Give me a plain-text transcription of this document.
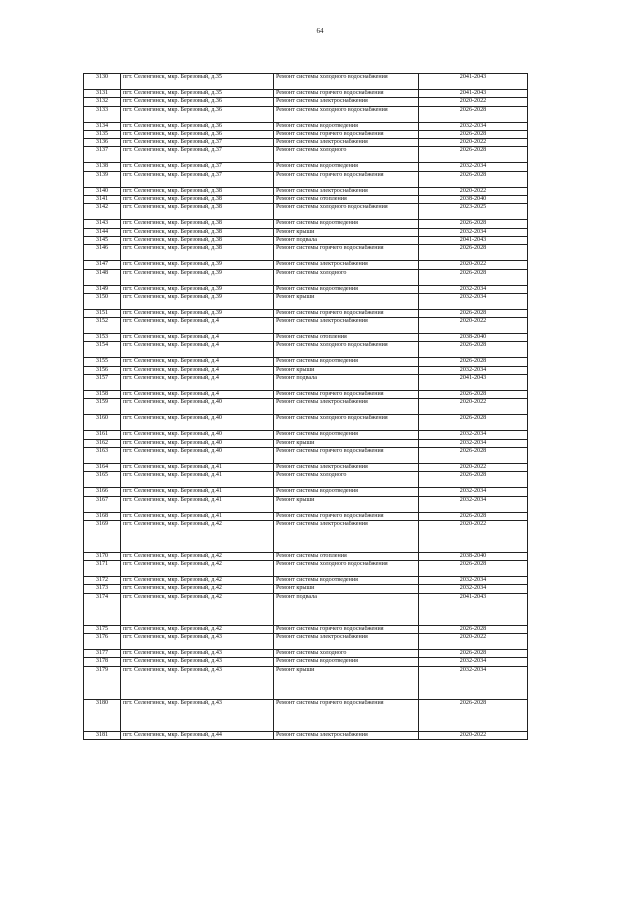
64
3130	пгт. Селенгинск, мкр. Березовый, д.35	Ремонт системы холодного водоснабжения	2041-2043
3131	пгт. Селенгинск, мкр. Березовый, д.35	Ремонт системы горячего водоснабжения	2041-2043
3132	пгт. Селенгинск, мкр. Березовый, д.36	Ремонт системы электроснабжения	2020-2022
3133	пгт. Селенгинск, мкр. Березовый, д.36	Ремонт системы холодного водоснабжения	2026-2028
3134	пгт. Селенгинск, мкр. Березовый, д.36	Ремонт системы водоотведения	2032-2034
3135	пгт. Селенгинск, мкр. Березовый, д.36	Ремонт системы горячего водоснабжения	2026-2028
3136	пгт. Селенгинск, мкр. Березовый, д.37	Ремонт системы электроснабжения	2020-2022
3137	пгт. Селенгинск, мкр. Березовый, д.37	Ремонт системы холодного	2026-2028
3138	пгт. Селенгинск, мкр. Березовый, д.37	Ремонт системы водоотведения	2032-2034
3139	пгт. Селенгинск, мкр. Березовый, д.37	Ремонт системы горячего водоснабжения	2026-2028
3140	пгт. Селенгинск, мкр. Березовый, д.38	Ремонт системы электроснабжения	2020-2022
3141	пгт. Селенгинск, мкр. Березовый, д.38	Ремонт системы отопления	2038-2040
3142	пгт. Селенгинск, мкр. Березовый, д.38	Ремонт системы холодного водоснабжения	2023-2025
3143	пгт. Селенгинск, мкр. Березовый, д.38	Ремонт системы водоотведения	2026-2028
3144	пгт. Селенгинск, мкр. Березовый, д.38	Ремонт крыши	2032-2034
3145	пгт. Селенгинск, мкр. Березовый, д.38	Ремонт подвала	2041-2043
3146	пгт. Селенгинск, мкр. Березовый, д.38	Ремонт системы горячего водоснабжения	2026-2028
3147	пгт. Селенгинск, мкр. Березовый, д.39	Ремонт системы электроснабжения	2020-2022
3148	пгт. Селенгинск, мкр. Березовый, д.39	Ремонт системы холодного	2026-2028
3149	пгт. Селенгинск, мкр. Березовый, д.39	Ремонт системы водоотведения	2032-2034
3150	пгт. Селенгинск, мкр. Березовый, д.39	Ремонт крыши	2032-2034
3151	пгт. Селенгинск, мкр. Березовый, д.39	Ремонт системы горячего водоснабжения	2026-2028
3152	пгт. Селенгинск, мкр. Березовый, д.4	Ремонт системы электроснабжения	2020-2022
3153	пгт. Селенгинск, мкр. Березовый, д.4	Ремонт системы отопления	2038-2040
3154	пгт. Селенгинск, мкр. Березовый, д.4	Ремонт системы холодного водоснабжения	2026-2028
3155	пгт. Селенгинск, мкр. Березовый, д.4	Ремонт системы водоотведения	2026-2028
3156	пгт. Селенгинск, мкр. Березовый, д.4	Ремонт крыши	2032-2034
3157	пгт. Селенгинск, мкр. Березовый, д.4	Ремонт подвала	2041-2043
3158	пгт. Селенгинск, мкр. Березовый, д.4	Ремонт системы горячего водоснабжения	2026-2028
3159	пгт. Селенгинск, мкр. Березовый, д.40	Ремонт системы электроснабжения	2020-2022
3160	пгт. Селенгинск, мкр. Березовый, д.40	Ремонт системы холодного водоснабжения	2026-2028
3161	пгт. Селенгинск, мкр. Березовый, д.40	Ремонт системы водоотведения	2032-2034
3162	пгт. Селенгинск, мкр. Березовый, д.40	Ремонт крыши	2032-2034
3163	пгт. Селенгинск, мкр. Березовый, д.40	Ремонт системы горячего водоснабжения	2026-2028
3164	пгт. Селенгинск, мкр. Березовый, д.41	Ремонт системы электроснабжения	2020-2022
3165	пгт. Селенгинск, мкр. Березовый, д.41	Ремонт системы холодного	2026-2028
3166	пгт. Селенгинск, мкр. Березовый, д.41	Ремонт системы водоотведения	2032-2034
3167	пгт. Селенгинск, мкр. Березовый, д.41	Ремонт крыши	2032-2034
3168	пгт. Селенгинск, мкр. Березовый, д.41	Ремонт системы горячего водоснабжения	2026-2028
3169	пгт. Селенгинск, мкр. Березовый, д.42	Ремонт системы электроснабжения	2020-2022
3170	пгт. Селенгинск, мкр. Березовый, д.42	Ремонт системы отопления	2038-2040
3171	пгт. Селенгинск, мкр. Березовый, д.42	Ремонт системы холодного водоснабжения	2026-2028
3172	пгт. Селенгинск, мкр. Березовый, д.42	Ремонт системы водоотведения	2032-2034
3173	пгт. Селенгинск, мкр. Березовый, д.42	Ремонт крыши	2032-2034
3174	пгт. Селенгинск, мкр. Березовый, д.42	Ремонт подвала	2041-2043
3175	пгт. Селенгинск, мкр. Березовый, д.42	Ремонт системы горячего водоснабжения	2026-2028
3176	пгт. Селенгинск, мкр. Березовый, д.43	Ремонт системы электроснабжения	2020-2022
3177	пгт. Селенгинск, мкр. Березовый, д.43	Ремонт системы холодного	2026-2028
3178	пгт. Селенгинск, мкр. Березовый, д.43	Ремонт системы водоотведения	2032-2034
3179	пгт. Селенгинск, мкр. Березовый, д.43	Ремонт крыши	2032-2034
3180	пгт. Селенгинск, мкр. Березовый, д.43	Ремонт системы горячего водоснабжения	2026-2028
3181	пгт. Селенгинск, мкр. Березовый, д.44	Ремонт системы электроснабжения	2020-2022
